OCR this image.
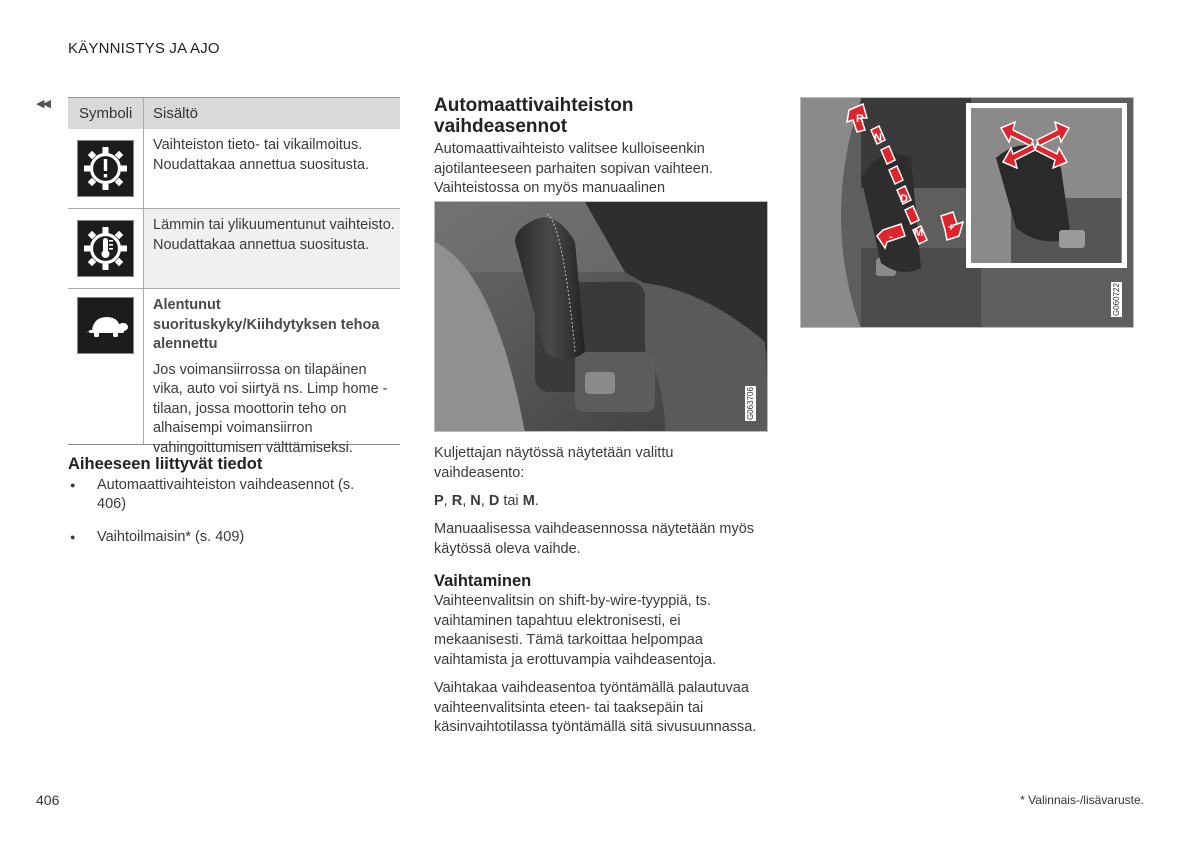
KÄYNNISTYS JA AJO
◀◀
Symboli	Sisältö
Vaihteiston tieto- tai vikailmoitus. Noudattakaa annettua suositusta.
Lämmin tai ylikuumentunut vaihteisto. Noudattakaa annettua suositusta.
Alentunut suorituskyky/Kiihdytyksen tehoa alennettu
Jos voimansiirrossa on tilapäinen vika, auto voi siirtyä ns. Limp home -tilaan, jossa moottorin teho on alhaisempi voimansiirron vahingoittumisen välttämiseksi.
Aiheeseen liittyvät tiedot
● Automaattivaihteiston vaihdeasennot (s. 406)
● Vaihtoilmaisin* (s. 409)
Automaattivaihteiston vaihdeasennot
Automaattivaihteisto valitsee kulloiseenkin ajotilanteeseen parhaiten sopivan vaihteen. Vaihteistossa on myös manuaalinen
G063706
Kuljettajan näytössä näytetään valittu vaihdeasento:
P, R, N, D tai M.
Manuaalisessa vaihdeasennossa näytetään myös käytössä oleva vaihde.
Vaihtaminen
Vaihteenvalitsin on shift-by-wire-tyyppiä, ts. vaihtaminen tapahtuu elektronisesti, ei mekaanisesti. Tämä tarkoittaa helpompaa vaihtamista ja erottuvampia vaihdeasentoja.
Vaihtakaa vaihdeasentoa työntämällä palautuvaa vaihteenvalitsinta eteen- tai taaksepäin tai käsinvaihtotilassa työntämällä sitä sivusuunnassa.
R
N
D
M
-
+
G060722
406	* Valinnais-/lisävaruste.
